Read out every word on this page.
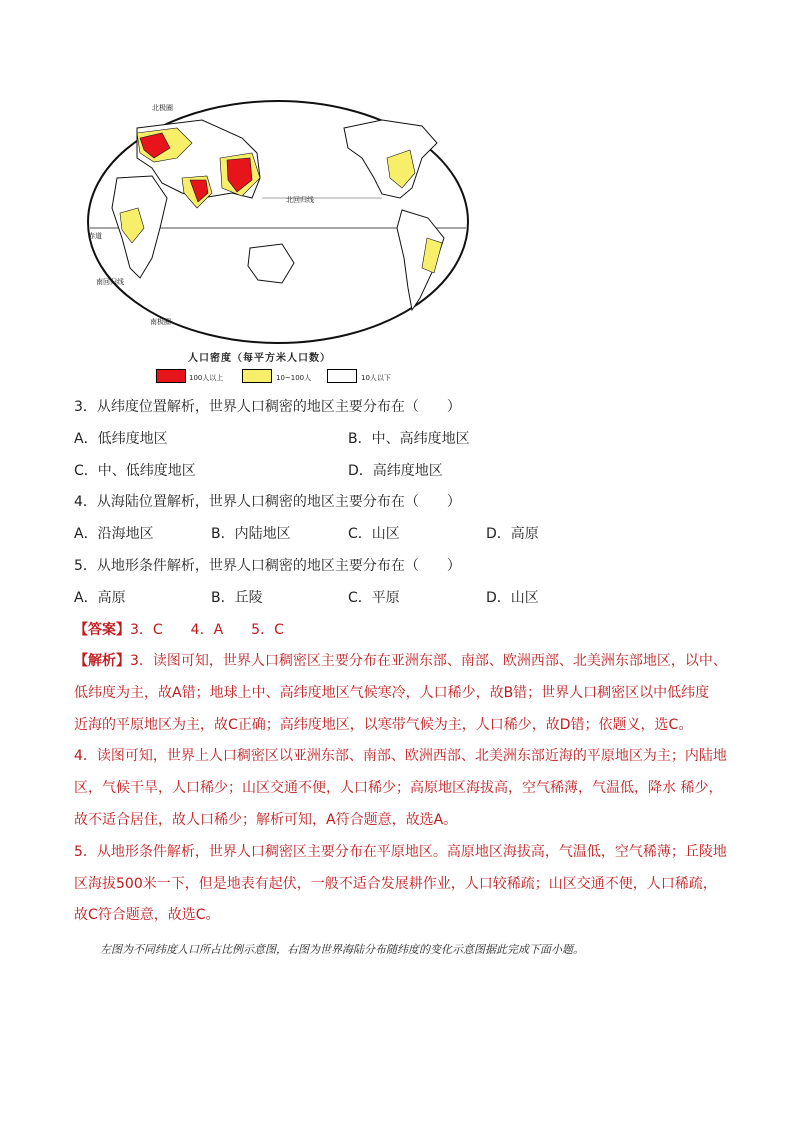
北极圈
北回归线
赤道
南回归线
南极圈
人口密度（每平方米人口数）
100人以上	10~100人	10人以下
3．从纬度位置解析，世界人口稠密的地区主要分布在（　　）
A．低纬度地区	B．中、高纬度地区
C．中、低纬度地区	D．高纬度地区
4．从海陆位置解析，世界人口稠密的地区主要分布在（　　）
A．沿海地区	B．内陆地区	C．山区	D．高原
5．从地形条件解析，世界人口稠密的地区主要分布在（　　）
A．高原	B．丘陵	C．平原	D．山区
【答案】3．C　　4．A　　5．C
【解析】3．读图可知，世界人口稠密区主要分布在亚洲东部、南部、欧洲西部、北美洲东部地区，以中、
低纬度为主，故A错；地球上中、高纬度地区气候寒冷，人口稀少，故B错；世界人口稠密区以中低纬度
近海的平原地区为主，故C正确；高纬度地区，以寒带气候为主，人口稀少，故D错；依题义，选C。
4．读图可知，世界上人口稠密区以亚洲东部、南部、欧洲西部、北美洲东部近海的平原地区为主；内陆地
区，气候干旱，人口稀少；山区交通不便，人口稀少；高原地区海拔高，空气稀薄，气温低，降水 稀少，
故不适合居住，故人口稀少；解析可知，A符合题意，故选A。
5．从地形条件解析，世界人口稠密区主要分布在平原地区。高原地区海拔高，气温低，空气稀薄；丘陵地
区海拔500米一下，但是地表有起伏，一般不适合发展耕作业，人口较稀疏；山区交通不便，人口稀疏，
故C符合题意，故选C。
左图为不同纬度人口所占比例示意图，右图为世界海陆分布随纬度的变化示意图据此完成下面小题。
